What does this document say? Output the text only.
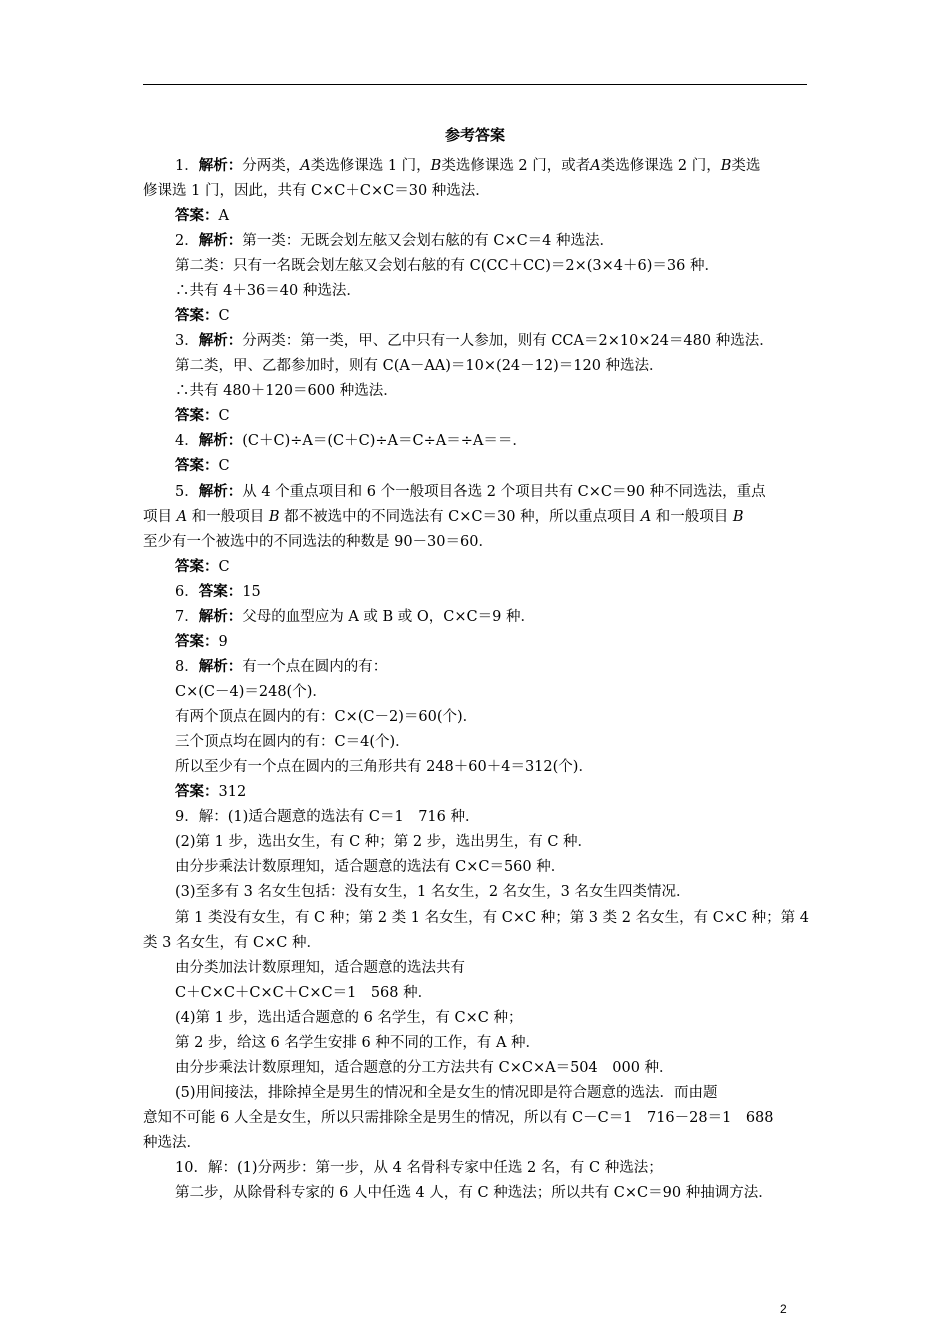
参考答案
1．解析：分两类，A类选修课选 1 门，B类选修课选 2 门，或者A类选修课选 2 门，B类选
修课选 1 门，因此，共有 C×C＋C×C＝30 种选法．
答案：A
2．解析：第一类：无既会划左舷又会划右舷的有 C×C＝4 种选法．
第二类：只有一名既会划左舷又会划右舷的有 C(CC＋CC)＝2×(3×4＋6)＝36 种．
∴共有 4＋36＝40 种选法．
答案：C
3．解析：分两类：第一类，甲、乙中只有一人参加，则有 CCA＝2×10×24＝480 种选法．
第二类，甲、乙都参加时，则有 C(A－AA)＝10×(24－12)＝120 种选法．
∴共有 480＋120＝600 种选法．
答案：C
4．解析：(C＋C)÷A＝(C＋C)÷A＝C÷A＝÷A＝＝．
答案：C
5．解析：从 4 个重点项目和 6 个一般项目各选 2 个项目共有 C×C＝90 种不同选法，重点
项目 A 和一般项目 B 都不被选中的不同选法有 C×C＝30 种，所以重点项目 A 和一般项目 B
至少有一个被选中的不同选法的种数是 90－30＝60．
答案：C
6．答案：15
7．解析：父母的血型应为 A 或 B 或 O，C×C＝9 种．
答案：9
8．解析：有一个点在圆内的有：
C×(C－4)＝248(个)．
有两个顶点在圆内的有：C×(C－2)＝60(个)．
三个顶点均在圆内的有：C＝4(个)．
所以至少有一个点在圆内的三角形共有 248＋60＋4＝312(个)．
答案：312
9．解：(1)适合题意的选法有 C＝1　716 种．
(2)第 1 步，选出女生，有 C 种；第 2 步，选出男生，有 C 种．
由分步乘法计数原理知，适合题意的选法有 C×C＝560 种．
(3)至多有 3 名女生包括：没有女生，1 名女生，2 名女生，3 名女生四类情况．
第 1 类没有女生，有 C 种；第 2 类 1 名女生，有 C×C 种；第 3 类 2 名女生，有 C×C 种；第 4
类 3 名女生，有 C×C 种．
由分类加法计数原理知，适合题意的选法共有
C＋C×C＋C×C＋C×C＝1　568 种．
(4)第 1 步，选出适合题意的 6 名学生，有 C×C 种；
第 2 步，给这 6 名学生安排 6 种不同的工作，有 A 种．
由分步乘法计数原理知，适合题意的分工方法共有 C×C×A＝504　000 种．
(5)用间接法，排除掉全是男生的情况和全是女生的情况即是符合题意的选法．而由题
意知不可能 6 人全是女生，所以只需排除全是男生的情况，所以有 C－C＝1　716－28＝1　688
种选法．
10．解：(1)分两步：第一步，从 4 名骨科专家中任选 2 名，有 C 种选法；
第二步，从除骨科专家的 6 人中任选 4 人，有 C 种选法；所以共有 C×C＝90 种抽调方法．
2
